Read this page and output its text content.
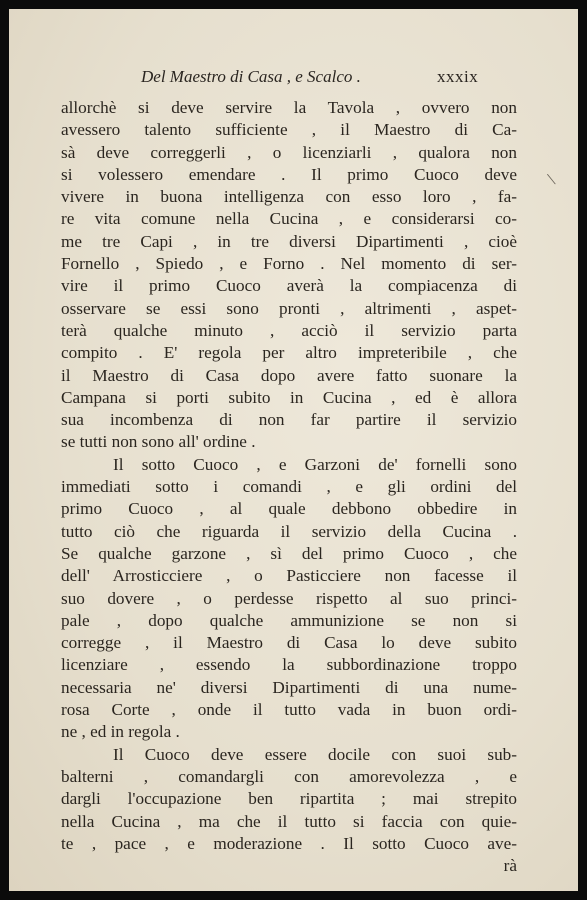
Del Maestro di Casa , e Scalco .	xxxix
allorchè si deve servire la Tavola , ovvero non
avessero talento sufficiente , il Maestro di Ca-
sà deve correggerli , o licenziarli , qualora non
si volessero emendare . Il primo Cuoco deve
vivere in buona intelligenza con esso loro , fa-
re vita comune nella Cucina , e considerarsi co-
me tre Capi , in tre diversi Dipartimenti , cioè
Fornello , Spiedo , e Forno . Nel momento di ser-
vire il primo Cuoco averà la compiacenza di
osservare se essi sono pronti , altrimenti , aspet-
terà qualche minuto , acciò il servizio parta
compito . E' regola per altro impreteribile , che
il Maestro di Casa dopo avere fatto suonare la
Campana si porti subito in Cucina , ed è allora
sua incombenza di non far partire il servizio
se tutti non sono all' ordine .
Il sotto Cuoco , e Garzoni de' fornelli sono
immediati sotto i comandi , e gli ordini del
primo Cuoco , al quale debbono obbedire in
tutto ciò che riguarda il servizio della Cucina .
Se qualche garzone , sì del primo Cuoco , che
dell' Arrosticciere , o Pasticciere non facesse il
suo dovere , o perdesse rispetto al suo princi-
pale , dopo qualche ammunizione se non si
corregge , il Maestro di Casa lo deve subito
licenziare , essendo la subbordinazione troppo
necessaria ne' diversi Dipartimenti di una nume-
rosa Corte , onde il tutto vada in buon ordi-
ne , ed in regola .
Il Cuoco deve essere docile con suoi sub-
balterni , comandargli con amorevolezza , e
dargli l'occupazione ben ripartita ; mai strepito
nella Cucina , ma che il tutto si faccia con quie-
te , pace , e moderazione . Il sotto Cuoco ave-
rà
\
